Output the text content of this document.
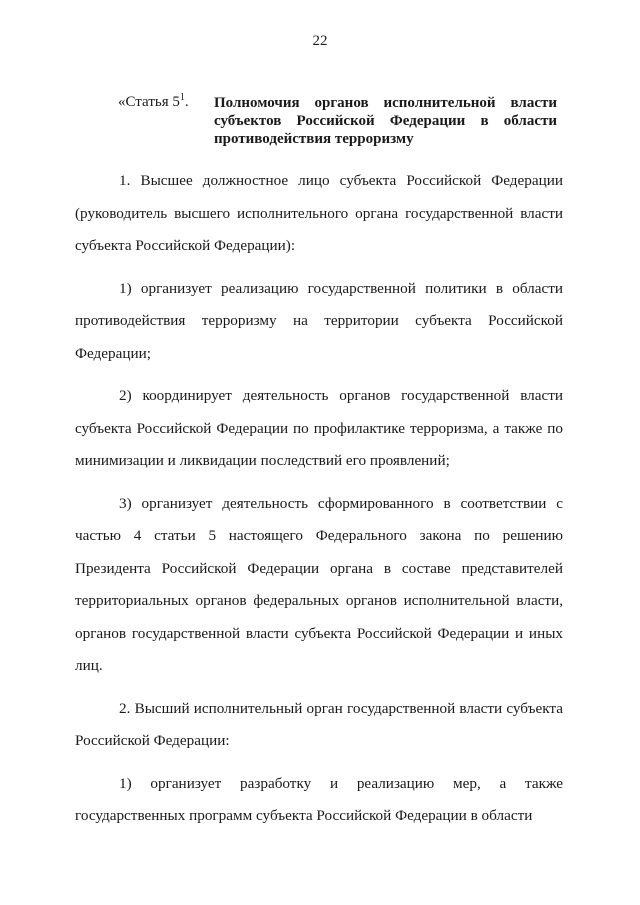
22
«Статья $5^1$. Полномочия органов исполнительной власти субъектов Российской Федерации в области противодействия терроризму

1. Высшее должностное лицо субъекта Российской Федерации (руководитель высшего исполнительного органа государственной власти субъекта Российской Федерации):

1) организует реализацию государственной политики в области противодействия терроризму на территории субъекта Российской Федерации;

2) координирует деятельность органов государственной власти субъекта Российской Федерации по профилактике терроризма, а также по минимизации и ликвидации последствий его проявлений;

3) организует деятельность сформированного в соответствии с частью 4 статьи 5 настоящего Федерального закона по решению Президента Российской Федерации органа в составе представителей территориальных органов федеральных органов исполнительной власти, органов государственной власти субъекта Российской Федерации и иных лиц.

2. Высший исполнительный орган государственной власти субъекта Российской Федерации:

1) организует разработку и реализацию мер, а также государственных программ субъекта Российской Федерации в области
